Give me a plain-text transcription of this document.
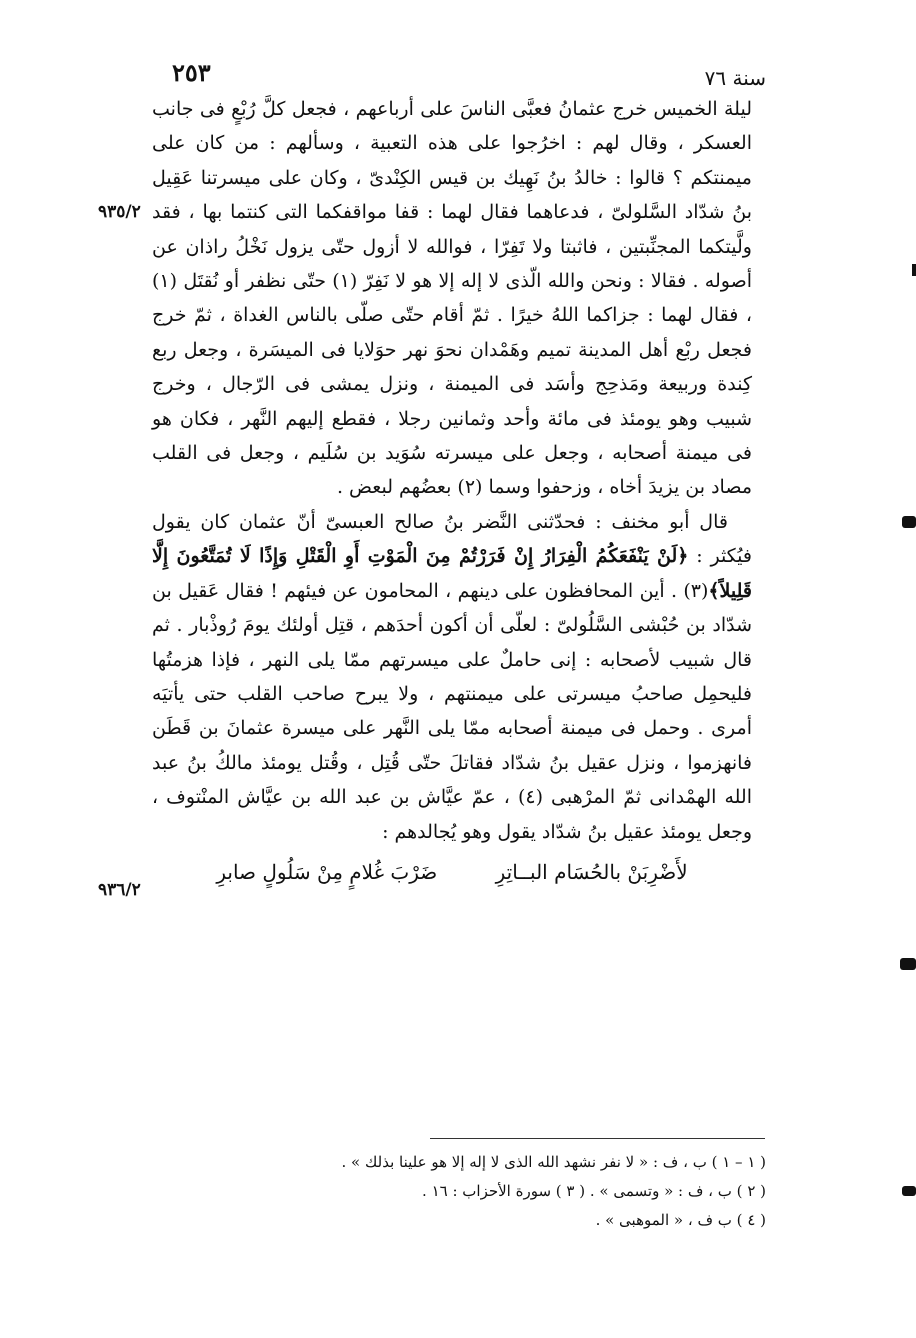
٢٥٣	سنة ٧٦
٩٣٥/٢
٩٣٦/٢

ليلة الخميس خرج عثمانُ فعبَّى الناسَ على أرباعهم ، فجعل كلَّ رُبْعٍ فى جانب العسكر ، وقال لهم : اخرُجوا على هذه التعبية ، وسألهم : من كان على ميمنتكم ؟ قالوا : خالدُ بنُ نَهِيك بن قيس الكِنْدىّ ، وكان على ميسرتنا عَقِيل بنُ شدّاد السَّلولىّ ، فدعاهما فقال لهما : قفا مواقفكما التى كنتما بها ، فقد ولَّيتكما المجنِّبتين ، فاثبتا ولا تَفِرّا ، فوالله لا أزول حتّى يزول نَخْلُ راذان عن أصوله . فقالا : ونحن والله الّذى لا إله إلا هو لا نَفِرّ (١) حتّى نظفر أو نُقتَل (١) ، فقال لهما : جزاكما اللهُ خيرًا . ثمّ أقام حتّى صلّى بالناس الغداة ، ثمّ خرج فجعل ربْع أهل المدينة تميم وهَمْدان نحوَ نهر حوَلايا فى الميسَرة ، وجعل ربع كِندة وربيعة ومَذحِج وأسَد فى الميمنة ، ونزل يمشى فى الرّجال ، وخرج شبيب وهو يومئذ فى مائة وأحد وثمانين رجلا ، فقطع إليهم النَّهر ، فكان هو فى ميمنة أصحابه ، وجعل على ميسرته سُوَيد بن سُلَيم ، وجعل فى القلب مصاد بن يزيدَ أخاه ، وزحفوا وسما (٢) بعضُهم لبعض .

قال أبو مخنف : فحدّثنى النَّضر بنُ صالح العبسىّ أنّ عثمان كان يقول فيُكثر : ﴿لَنْ يَنْفَعَكُمُ الْفِرَارُ إِنْ فَرَرْتُمْ مِنَ الْمَوْتِ أَوِ الْقَتْلِ وَإِذًا لَا تُمَتَّعُونَ إِلَّا قَلِيلاً﴾(٣) . أين المحافظون على دينهم ، المحامون عن فيئهم ! فقال عَقيل بن شدّاد بن حُبْشى السَّلُولىّ : لعلّى أن أكون أحدَهم ، قتِل أولئك يومَ رُوذْبار . ثم قال شبيب لأصحابه : إنى حاملٌ على ميسرتهم ممّا يلى النهر ، فإذا هزمتُها فليحمِل صاحبُ ميسرتى على ميمنتهم ، ولا يبرح صاحب القلب حتى يأتيَه أمرى . وحمل فى ميمنة أصحابه ممّا يلى النَّهر على ميسرة عثمانَ بن قَطَن فانهزموا ، ونزل عقيل بنُ شدّاد فقاتلَ حتّى قُتِل ، وقُتل يومئذ مالكُ بنُ عبد الله الهمْدانى ثمّ المرْهبى (٤) ، عمّ عيَّاش بن عبد الله بن عيَّاش المنْتوف ، وجعل يومئذ عقيل بنُ شدّاد يقول وهو يُجالدهم :

لأَضْرِبَنْ بالحُسَام البــاتِرِ ضَرْبَ غُلامٍ مِنْ سَلُولٍ صابرِ
( ١ – ١ ) ب ، ف : « لا نفر نشهد الله الذى لا إله إلا هو علينا بذلك » .
( ٢ ) ب ، ف : « وتسمى » . ( ٣ ) سورة الأحزاب : ١٦ .
( ٤ ) ب ف ، « الموهبى » .
